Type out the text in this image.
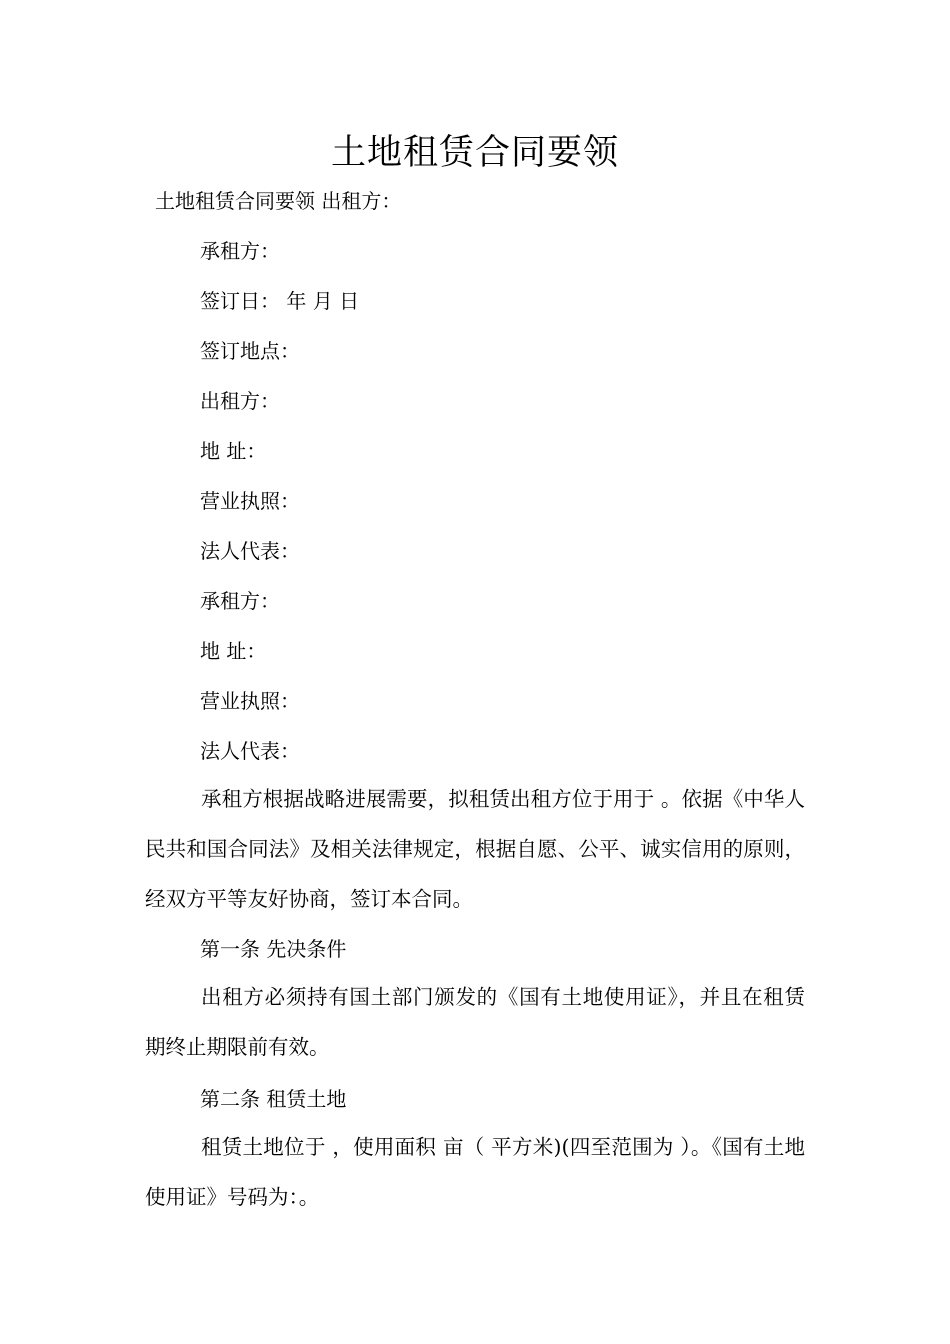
土地租赁合同要领
土地租赁合同要领 出租方：
承租方：
签订日： 年 月 日
签订地点：
出租方：
地 址：
营业执照：
法人代表：
承租方：
地 址：
营业执照：
法人代表：
承租方根据战略进展需要，拟租赁出租方位于用于 。依据《中华人民共和国合同法》及相关法律规定，根据自愿、公平、诚实信用的原则，经双方平等友好协商，签订本合同。
第一条 先决条件
出租方必须持有国土部门颁发的《国有土地使用证》，并且在租赁期终止期限前有效。
第二条 租赁土地
租赁土地位于 ，使用面积 亩（ 平方米)(四至范围为 ）。《国有土地使用证》号码为：。
